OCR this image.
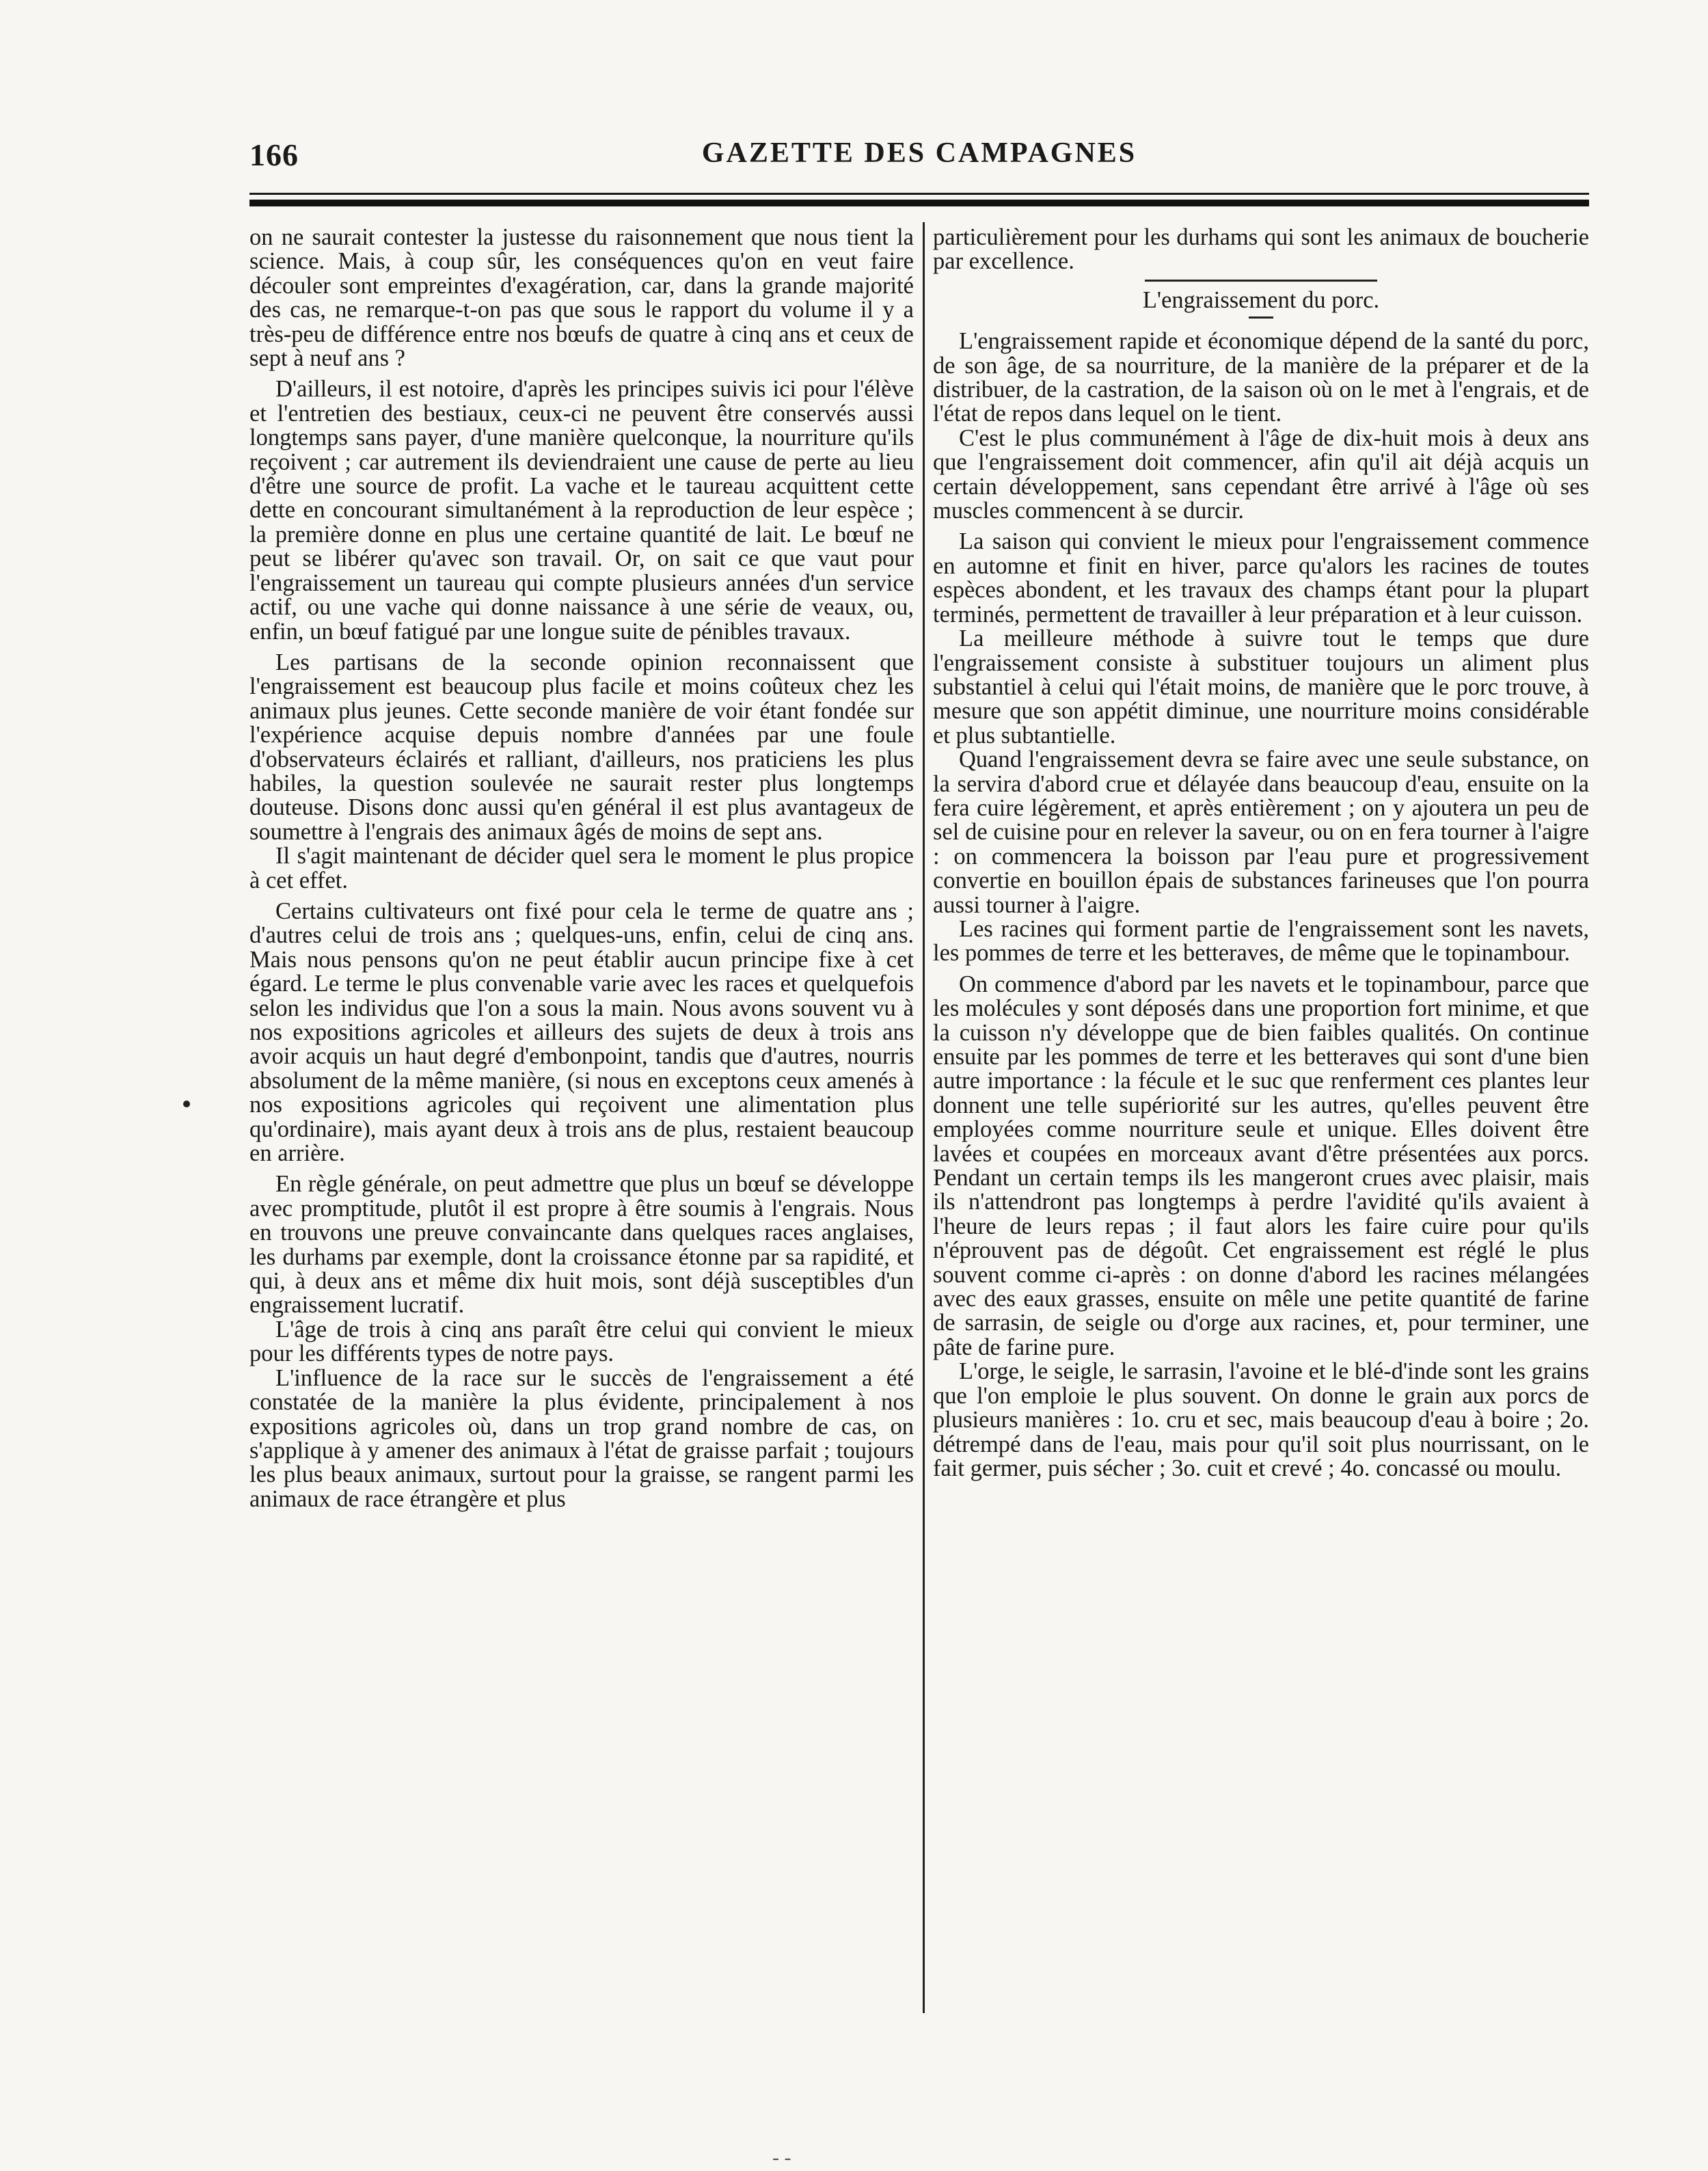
166	GAZETTE DES CAMPAGNES

on ne saurait contester la justesse du raisonnement que nous tient la science. Mais, à coup sûr, les conséquences qu'on en veut faire découler sont empreintes d'exagération, car, dans la grande majorité des cas, ne remarque-t-on pas que sous le rapport du volume il y a très-peu de différence entre nos bœufs de quatre à cinq ans et ceux de sept à neuf ans ?

D'ailleurs, il est notoire, d'après les principes suivis ici pour l'élève et l'entretien des bestiaux, ceux-ci ne peuvent être conservés aussi longtemps sans payer, d'une manière quelconque, la nourriture qu'ils reçoivent ; car autrement ils deviendraient une cause de perte au lieu d'être une source de profit. La vache et le taureau acquittent cette dette en concourant simultanément à la reproduction de leur espèce ; la première donne en plus une certaine quantité de lait. Le bœuf ne peut se libérer qu'avec son travail. Or, on sait ce que vaut pour l'engraissement un taureau qui compte plusieurs années d'un service actif, ou une vache qui donne naissance à une série de veaux, ou, enfin, un bœuf fatigué par une longue suite de pénibles travaux.

Les partisans de la seconde opinion reconnaissent que l'engraissement est beaucoup plus facile et moins coûteux chez les animaux plus jeunes. Cette seconde manière de voir étant fondée sur l'expérience acquise depuis nombre d'années par une foule d'observateurs éclairés et ralliant, d'ailleurs, nos praticiens les plus habiles, la question soulevée ne saurait rester plus longtemps douteuse. Disons donc aussi qu'en général il est plus avantageux de soumettre à l'engrais des animaux âgés de moins de sept ans.

Il s'agit maintenant de décider quel sera le moment le plus propice à cet effet.

Certains cultivateurs ont fixé pour cela le terme de quatre ans ; d'autres celui de trois ans ; quelques-uns, enfin, celui de cinq ans. Mais nous pensons qu'on ne peut établir aucun principe fixe à cet égard. Le terme le plus convenable varie avec les races et quelquefois selon les individus que l'on a sous la main. Nous avons souvent vu à nos expositions agricoles et ailleurs des sujets de deux à trois ans avoir acquis un haut degré d'embonpoint, tandis que d'autres, nourris absolument de la même manière, (si nous en exceptons ceux amenés à nos expositions agricoles qui reçoivent une alimentation plus qu'ordinaire), mais ayant deux à trois ans de plus, restaient beaucoup en arrière.

En règle générale, on peut admettre que plus un bœuf se développe avec promptitude, plutôt il est propre à être soumis à l'engrais. Nous en trouvons une preuve convaincante dans quelques races anglaises, les durhams par exemple, dont la croissance étonne par sa rapidité, et qui, à deux ans et même dix huit mois, sont déjà susceptibles d'un engraissement lucratif.

L'âge de trois à cinq ans paraît être celui qui convient le mieux pour les différents types de notre pays.

L'influence de la race sur le succès de l'engraissement a été constatée de la manière la plus évidente, principalement à nos expositions agricoles où, dans un trop grand nombre de cas, on s'applique à y amener des animaux à l'état de graisse parfait ; toujours les plus beaux animaux, surtout pour la graisse, se rangent parmi les animaux de race étrangère et plus

particulièrement pour les durhams qui sont les animaux de boucherie par excellence.

L'engraissement du porc.

L'engraissement rapide et économique dépend de la santé du porc, de son âge, de sa nourriture, de la manière de la préparer et de la distribuer, de la castration, de la saison où on le met à l'engrais, et de l'état de repos dans lequel on le tient.

C'est le plus communément à l'âge de dix-huit mois à deux ans que l'engraissement doit commencer, afin qu'il ait déjà acquis un certain développement, sans cependant être arrivé à l'âge où ses muscles commencent à se durcir.

La saison qui convient le mieux pour l'engraissement commence en automne et finit en hiver, parce qu'alors les racines de toutes espèces abondent, et les travaux des champs étant pour la plupart terminés, permettent de travailler à leur préparation et à leur cuisson.

La meilleure méthode à suivre tout le temps que dure l'engraissement consiste à substituer toujours un aliment plus substantiel à celui qui l'était moins, de manière que le porc trouve, à mesure que son appétit diminue, une nourriture moins considérable et plus subtantielle.

Quand l'engraissement devra se faire avec une seule substance, on la servira d'abord crue et délayée dans beaucoup d'eau, ensuite on la fera cuire légèrement, et après entièrement ; on y ajoutera un peu de sel de cuisine pour en relever la saveur, ou on en fera tourner à l'aigre : on commencera la boisson par l'eau pure et progressivement convertie en bouillon épais de substances farineuses que l'on pourra aussi tourner à l'aigre.

Les racines qui forment partie de l'engraissement sont les navets, les pommes de terre et les betteraves, de même que le topinambour.

On commence d'abord par les navets et le topinambour, parce que les molécules y sont déposés dans une proportion fort minime, et que la cuisson n'y développe que de bien faibles qualités. On continue ensuite par les pommes de terre et les betteraves qui sont d'une bien autre importance : la fécule et le suc que renferment ces plantes leur donnent une telle supériorité sur les autres, qu'elles peuvent être employées comme nourriture seule et unique. Elles doivent être lavées et coupées en morceaux avant d'être présentées aux porcs. Pendant un certain temps ils les mangeront crues avec plaisir, mais ils n'attendront pas longtemps à perdre l'avidité qu'ils avaient à l'heure de leurs repas ; il faut alors les faire cuire pour qu'ils n'éprouvent pas de dégoût. Cet engraissement est réglé le plus souvent comme ci-après : on donne d'abord les racines mélangées avec des eaux grasses, ensuite on mêle une petite quantité de farine de sarrasin, de seigle ou d'orge aux racines, et, pour terminer, une pâte de farine pure.

L'orge, le seigle, le sarrasin, l'avoine et le blé-d'inde sont les grains que l'on emploie le plus souvent. On donne le grain aux porcs de plusieurs manières : 1o. cru et sec, mais beaucoup d'eau à boire ; 2o. détrempé dans de l'eau, mais pour qu'il soit plus nourrissant, on le fait germer, puis sécher ; 3o. cuit et crevé ; 4o. concassé ou moulu.

- -
